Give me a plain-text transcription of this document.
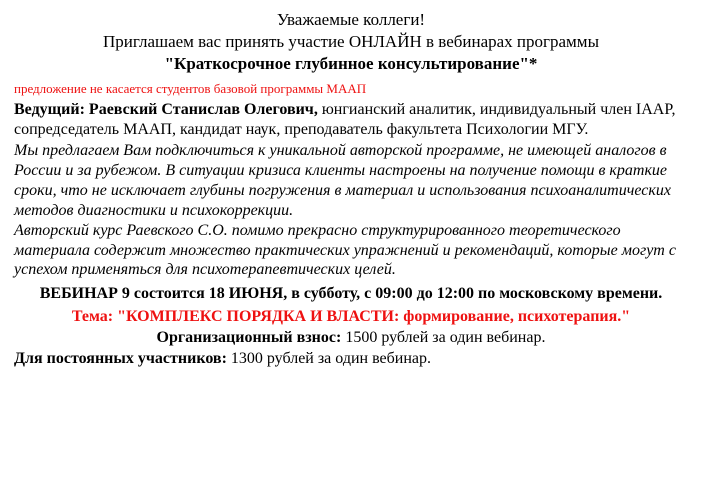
Уважаемые коллеги!
Приглашаем вас принять участие ОНЛАЙН в вебинарах программы
"Краткосрочное глубинное консультирование"*
предложение не касается студентов базовой программы МААП
Ведущий: Раевский Станислав Олегович, юнгианский аналитик, индивидуальный член IAAP, сопредседатель МААП, кандидат наук, преподаватель факультета Психологии МГУ.
Мы предлагаем Вам подключиться к уникальной авторской программе, не имеющей аналогов в России и за рубежом. В ситуации кризиса клиенты настроены на получение помощи в краткие сроки, что не исключает глубины погружения в материал и использования психоаналитических методов диагностики и психокоррекции.
Авторский курс Раевского С.О. помимо прекрасно структурированного теоретического материала содержит множество практических упражнений и рекомендаций, которые могут с успехом применяться для психотерапевтических целей.
ВЕБИНАР 9 состоится 18 ИЮНЯ, в субботу, с 09:00 до 12:00 по московскому времени.
Тема: "КОМПЛЕКС ПОРЯДКА И ВЛАСТИ: формирование, психотерапия."
Организационный взнос: 1500 рублей за один вебинар.
Для постоянных участников: 1300 рублей за один вебинар.
